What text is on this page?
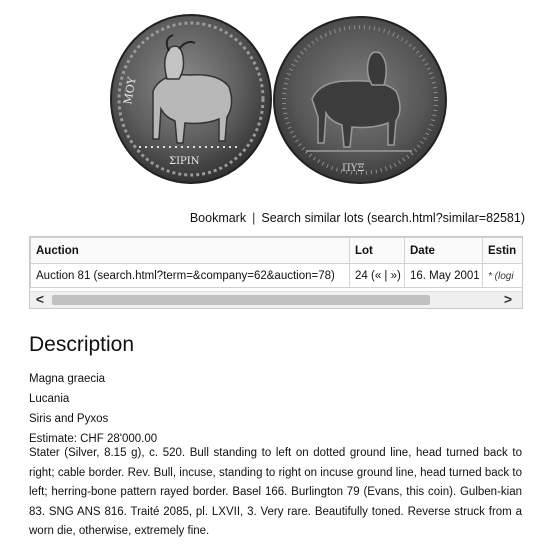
ΜΟΥ
ΣΙΡΙΝ
ΠΥΞ
Bookmark | Search similar lots (search.html?similar=82581)
Auction	Lot	Date	Estin
Auction 81 (search.html?term=&company=62&auction=78)	24 (« | »)	16. May 2001	* (logi
<	>
Description
Magna graecia
Lucania
Siris and Pyxos
Estimate: CHF 28'000.00
Stater (Silver, 8.15 g), c. 520. Bull standing to left on dotted ground line, head turned back to right; cable border. Rev. Bull, incuse, standing to right on incuse ground line, head turned back to left; herring-bone pattern rayed border. Basel 166. Burlington 79 (Evans, this coin). Gulben-kian 83. SNG ANS 816. Traité 2085, pl. LXVII, 3. Very rare. Beautifully toned. Reverse struck from a worn die, otherwise, extremely fine.
